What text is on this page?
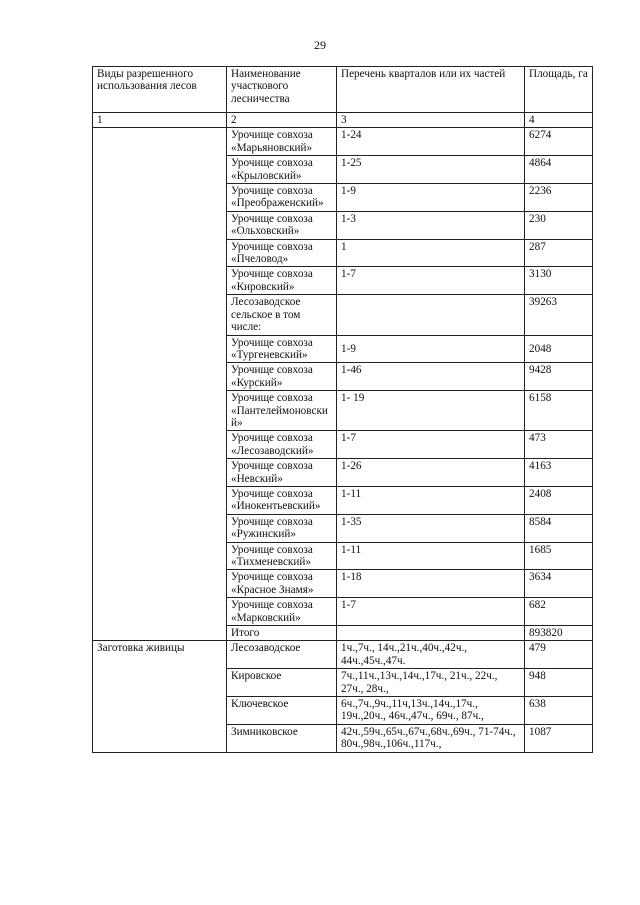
29
Виды разрешенного использования лесов	Наименование участкового лесничества	Перечень кварталов или их частей	Площадь, га
1	2	3	4
	Урочище совхоза «Марьяновский»	1-24	6274
	Урочище совхоза «Крыловский»	1-25	4864
	Урочище совхоза «Преображенский»	1-9	2236
	Урочище совхоза «Ольховский»	1-3	230
	Урочище совхоза «Пчеловод»	1	287
	Урочище совхоза «Кировский»	1-7	3130
	Лесозаводское сельское в том числе:		39263
	Урочище совхоза «Тургеневский»	1-9	2048
	Урочище совхоза «Курский»	1-46	9428
	Урочище совхоза «Пантелеймоновский»	1- 19	6158
	Урочище совхоза «Лесозаводский»	1-7	473
	Урочище совхоза «Невский»	1-26	4163
	Урочище совхоза «Инокентьевский»	1-11	2408
	Урочище совхоза «Ружинский»	1-35	8584
	Урочище совхоза «Тихменевский»	1-11	1685
	Урочище совхоза «Красное Знамя»	1-18	3634
	Урочище совхоза «Марковский»	1-7	682
	Итого		893820
Заготовка живицы	Лесозаводское	1ч.,7ч., 14ч.,21ч.,40ч.,42ч., 44ч.,45ч.,47ч.	479
	Кировское	7ч.,11ч.,13ч.,14ч.,17ч., 21ч., 22ч., 27ч., 28ч.,	948
	Ключевское	6ч.,7ч.,9ч.,11ч,13ч.,14ч.,17ч., 19ч.,20ч., 46ч.,47ч., 69ч., 87ч.,	638
	Зимниковское	42ч.,59ч.,65ч.,67ч.,68ч.,69ч., 71-74ч., 80ч.,98ч.,106ч.,117ч.,	1087
